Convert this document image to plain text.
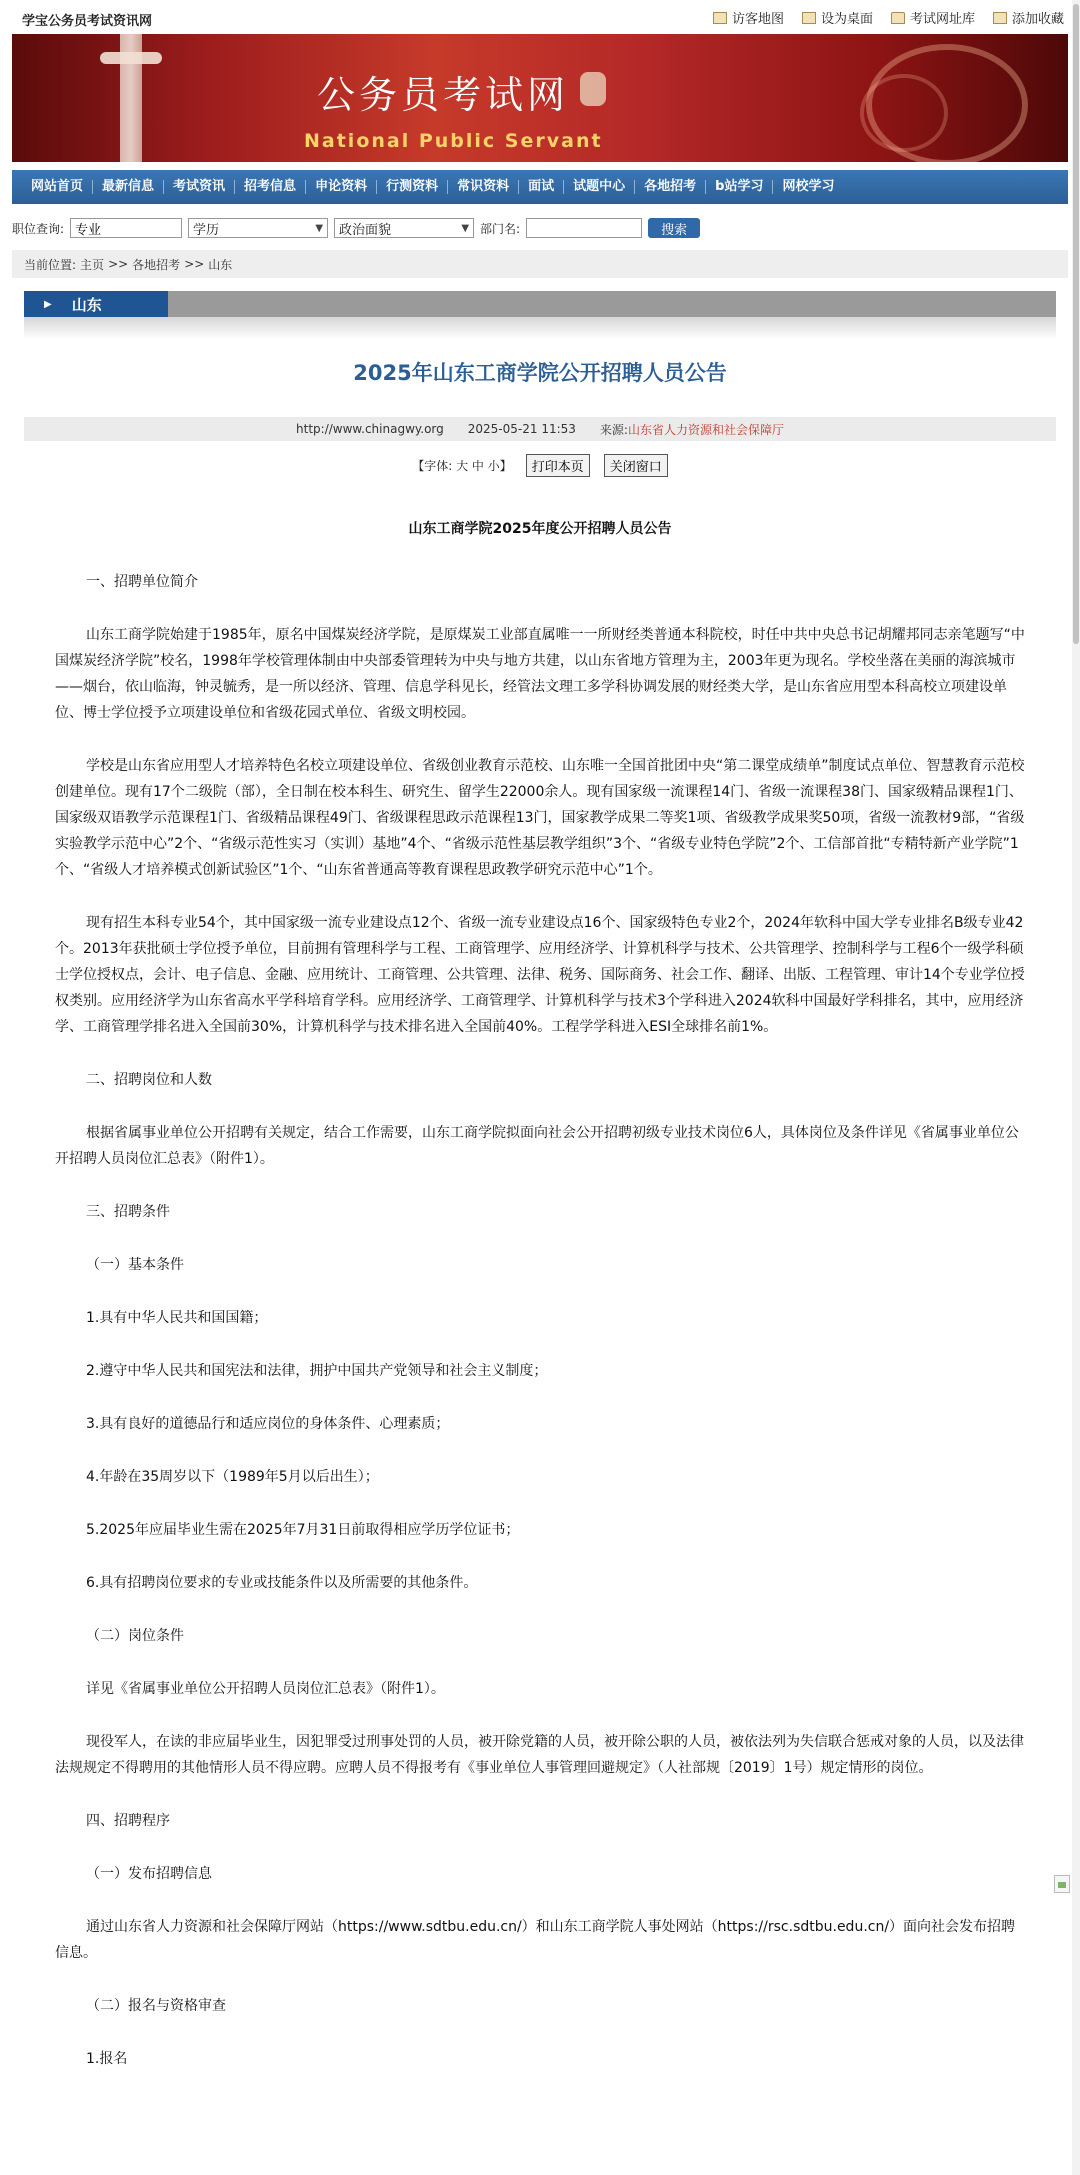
学宝公务员考试资讯网	访客地图	设为桌面	考试网址库	添加收藏
公务员考试网
National Public Servant
网站首页	最新信息	考试资讯	招考信息	申论资料	行测资料	常识资料	面试	试题中心	各地招考	b站学习	网校学习
职位查询:
专业	学历	▼ 政治面貌	▼ 部门名:	搜索
当前位置: 主页 >> 各地招考 >> 山东
▶ 山东
2025年山东工商学院公开招聘人员公告
http://www.chinagwy.org 2025-05-21 11:53 来源:山东省人力资源和社会保障厅
【字体: 大 中 小】	打印本页	关闭窗口

山东工商学院2025年度公开招聘人员公告

一、招聘单位简介

山东工商学院始建于1985年，原名中国煤炭经济学院，是原煤炭工业部直属唯一一所财经类普通本科院校，时任中共中央总书记胡耀邦同志亲笔题写“中国煤炭经济学院”校名，1998年学校管理体制由中央部委管理转为中央与地方共建，以山东省地方管理为主，2003年更为现名。学校坐落在美丽的海滨城市——烟台，依山临海，钟灵毓秀，是一所以经济、管理、信息学科见长，经管法文理工多学科协调发展的财经类大学，是山东省应用型本科高校立项建设单位、博士学位授予立项建设单位和省级花园式单位、省级文明校园。

学校是山东省应用型人才培养特色名校立项建设单位、省级创业教育示范校、山东唯一全国首批团中央“第二课堂成绩单”制度试点单位、智慧教育示范校创建单位。现有17个二级院（部），全日制在校本科生、研究生、留学生22000余人。现有国家级一流课程14门、省级一流课程38门、国家级精品课程1门、国家级双语教学示范课程1门、省级精品课程49门、省级课程思政示范课程13门，国家教学成果二等奖1项、省级教学成果奖50项，省级一流教材9部，“省级实验教学示范中心”2个、“省级示范性实习（实训）基地”4个、“省级示范性基层教学组织”3个、“省级专业特色学院”2个、工信部首批“专精特新产业学院”1个、“省级人才培养模式创新试验区”1个、“山东省普通高等教育课程思政教学研究示范中心”1个。

现有招生本科专业54个，其中国家级一流专业建设点12个、省级一流专业建设点16个、国家级特色专业2个，2024年软科中国大学专业排名B级专业42个。2013年获批硕士学位授予单位，目前拥有管理科学与工程、工商管理学、应用经济学、计算机科学与技术、公共管理学、控制科学与工程6个一级学科硕士学位授权点，会计、电子信息、金融、应用统计、工商管理、公共管理、法律、税务、国际商务、社会工作、翻译、出版、工程管理、审计14个专业学位授权类别。应用经济学为山东省高水平学科培育学科。应用经济学、工商管理学、计算机科学与技术3个学科进入2024软科中国最好学科排名，其中，应用经济学、工商管理学排名进入全国前30%，计算机科学与技术排名进入全国前40%。工程学学科进入ESI全球排名前1%。

二、招聘岗位和人数

根据省属事业单位公开招聘有关规定，结合工作需要，山东工商学院拟面向社会公开招聘初级专业技术岗位6人，具体岗位及条件详见《省属事业单位公开招聘人员岗位汇总表》（附件1）。

三、招聘条件

（一）基本条件

1.具有中华人民共和国国籍；

2.遵守中华人民共和国宪法和法律，拥护中国共产党领导和社会主义制度；

3.具有良好的道德品行和适应岗位的身体条件、心理素质；

4.年龄在35周岁以下（1989年5月以后出生）；

5.2025年应届毕业生需在2025年7月31日前取得相应学历学位证书；

6.具有招聘岗位要求的专业或技能条件以及所需要的其他条件。

（二）岗位条件

详见《省属事业单位公开招聘人员岗位汇总表》（附件1）。

现役军人，在读的非应届毕业生，因犯罪受过刑事处罚的人员，被开除党籍的人员，被开除公职的人员，被依法列为失信联合惩戒对象的人员，以及法律法规规定不得聘用的其他情形人员不得应聘。应聘人员不得报考有《事业单位人事管理回避规定》（人社部规〔2019〕1号）规定情形的岗位。

四、招聘程序

（一）发布招聘信息

通过山东省人力资源和社会保障厅网站（https://www.sdtbu.edu.cn/）和山东工商学院人事处网站（https://rsc.sdtbu.edu.cn/）面向社会发布招聘信息。

（二）报名与资格审查

1.报名
